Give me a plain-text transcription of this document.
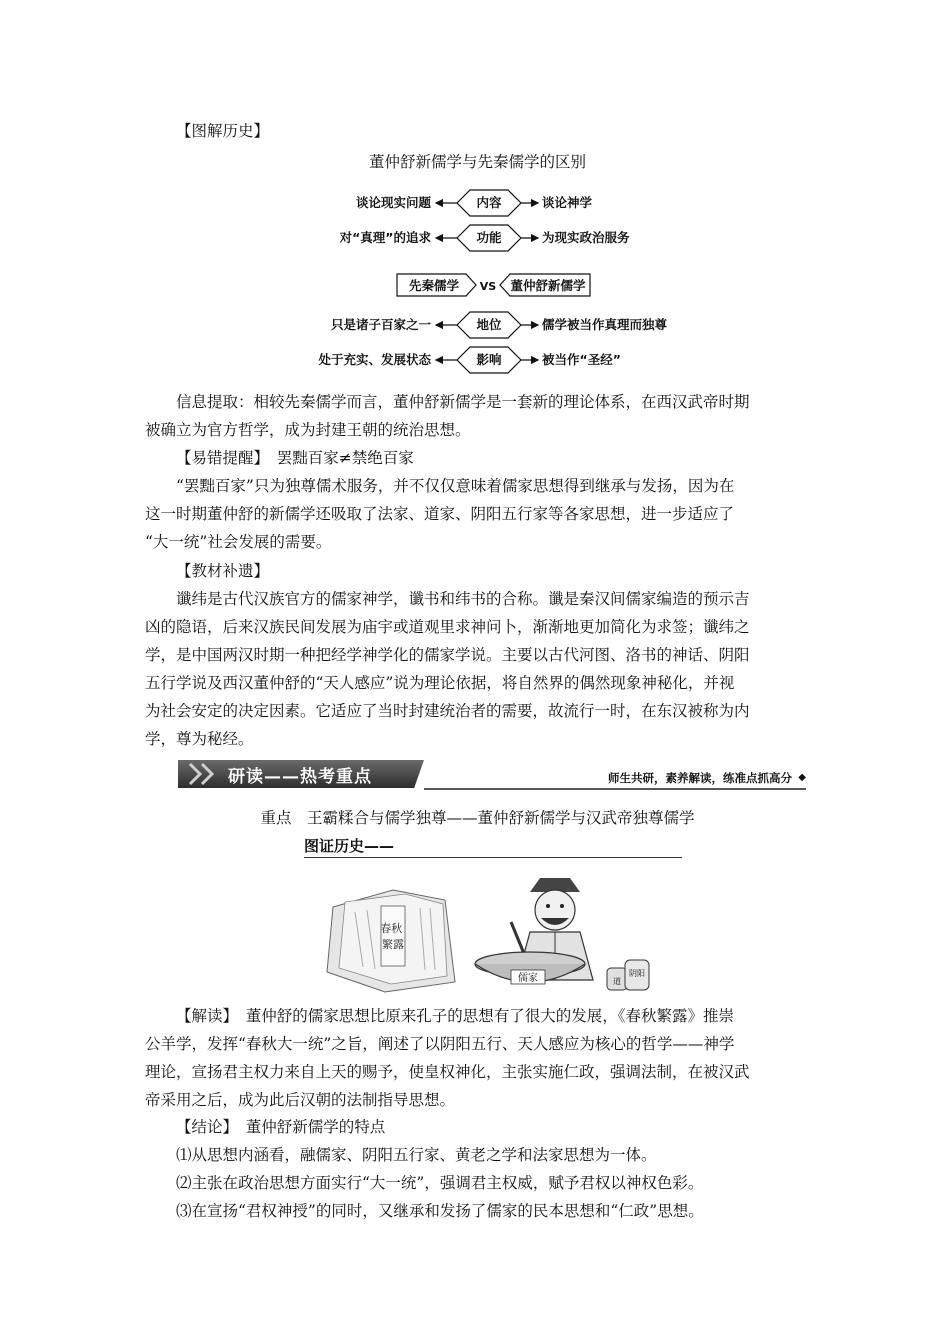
【图解历史】
董仲舒新儒学与先秦儒学的区别
谈论现实问题	内容	谈论神学
对“真理”的追求	功能	为现实政治服务
先秦儒学 VS 董仲舒新儒学
只是诸子百家之一	地位	儒学被当作真理而独尊
处于充实、发展状态	影响	被当作“圣经”
信息提取：相较先秦儒学而言，董仲舒新儒学是一套新的理论体系，在西汉武帝时期
被确立为官方哲学，成为封建王朝的统治思想。
【易错提醒】　罢黜百家≠禁绝百家
“罢黜百家”只为独尊儒术服务，并不仅仅意味着儒家思想得到继承与发扬，因为在
这一时期董仲舒的新儒学还吸取了法家、道家、阴阳五行家等各家思想，进一步适应了
“大一统”社会发展的需要。
【教材补遗】
谶纬是古代汉族官方的儒家神学，谶书和纬书的合称。谶是秦汉间儒家编造的预示吉
凶的隐语，后来汉族民间发展为庙宇或道观里求神问卜，渐渐地更加简化为求签；谶纬之
学，是中国两汉时期一种把经学神学化的儒家学说。主要以古代河图、洛书的神话、阴阳
五行学说及西汉董仲舒的“天人感应”说为理论依据，将自然界的偶然现象神秘化，并视
为社会安定的决定因素。它适应了当时封建统治者的需要，故流行一时，在东汉被称为内
学，尊为秘经。
研读——热考重点	师生共研，素养解读，练准点抓高分 ◆
重点　王霸糅合与儒学独尊——董仲舒新儒学与汉武帝独尊儒学
图证历史——
春秋 繁露
儒家	道
阴阳
【解读】　董仲舒的儒家思想比原来孔子的思想有了很大的发展，《春秋繁露》推崇
公羊学，发挥“春秋大一统”之旨，阐述了以阴阳五行、天人感应为核心的哲学——神学
理论，宣扬君主权力来自上天的赐予，使皇权神化，主张实施仁政，强调法制，在被汉武
帝采用之后，成为此后汉朝的法制指导思想。
【结论】　董仲舒新儒学的特点
⑴从思想内涵看，融儒家、阴阳五行家、黄老之学和法家思想为一体。
⑵主张在政治思想方面实行“大一统”，强调君主权威，赋予君权以神权色彩。
⑶在宣扬“君权神授”的同时，又继承和发扬了儒家的民本思想和“仁政”思想。
